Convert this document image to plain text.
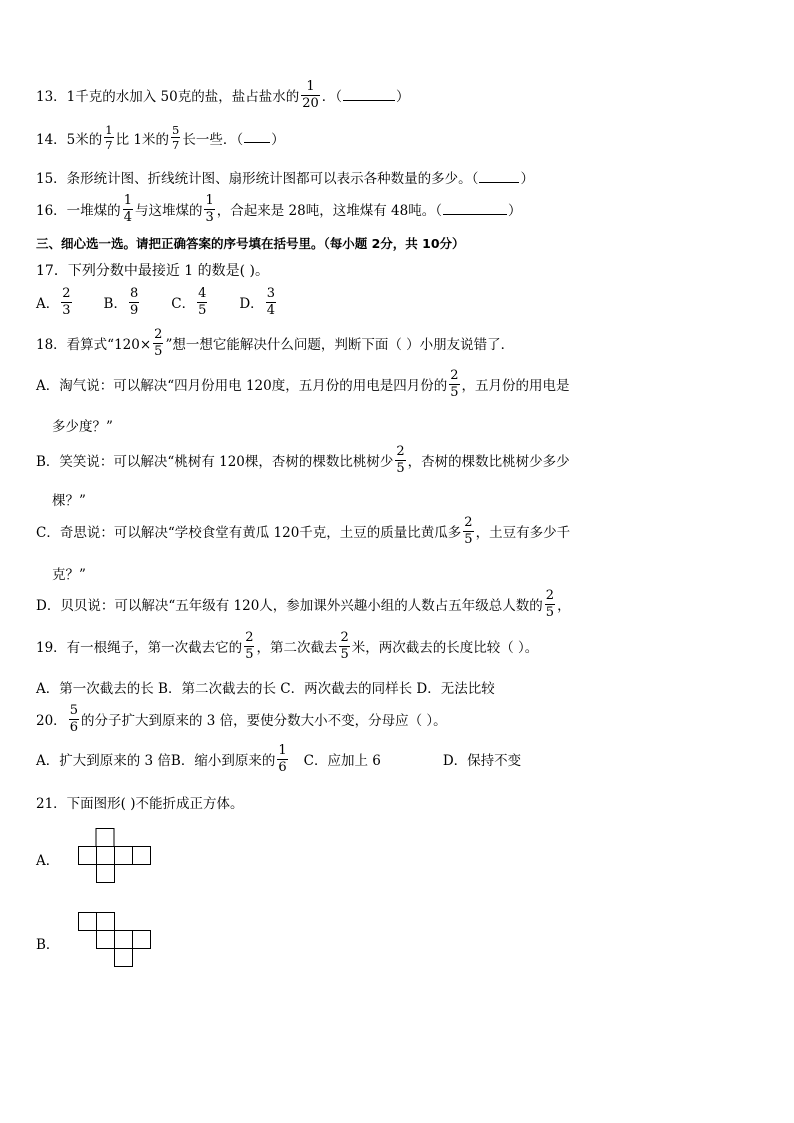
13．1千克的水加入 50克的盐，盐占盐水的 $\frac{1}{20}$ ．（	）
14．5米的 $\frac{1}{7}$ 比 1米的 $\frac{5}{7}$ 长一些．（ ）
15．条形统计图、折线统计图、扇形统计图都可以表示各种数量的多少。（	）
16．一堆煤的 $\frac{1}{4}$ 与这堆煤的 $\frac{1}{3}$ ，合起来是 28吨，这堆煤有 48吨。（	）
三、细心选一选。请把正确答案的序号填在括号里。（每小题 2分，共 10分）
17．下列分数中最接近 1 的数是( )。
A． $\frac{2}{3}$ B． $\frac{8}{9}$ C． $\frac{4}{5}$ D． $\frac{3}{4}$
18．看算式“$120\times \frac{2}{5}$ ”想一想它能解决什么问题，判断下面（ ）小朋友说错了．
A．淘气说：可以解决“四月份用电 120度，五月份的用电是四月份的 $\frac{2}{5}$ ，五月份的用电是
多少度？”
B．笑笑说：可以解决“桃树有 120棵，杏树的棵数比桃树少 $\frac{2}{5}$ ，杏树的棵数比桃树少多少
棵？”
C．奇思说：可以解决“学校食堂有黄瓜 120千克，土豆的质量比黄瓜多 $\frac{2}{5}$ ，土豆有多少千
克？”
D．贝贝说：可以解决“五年级有 120人，参加课外兴趣小组的人数占五年级总人数的 $\frac{2}{5}$ ，
19．有一根绳子，第一次截去它的 $\frac{2}{5}$ ，第二次截去 $\frac{2}{5}$ 米，两次截去的长度比较（ ）。
A．第一次截去的长 B．第二次截去的长 C．两次截去的同样长 D．无法比较
20． $\frac{5}{6}$ 的分子扩大到原来的 3 倍，要使分数大小不变，分母应（ ）。
A．扩大到原来的 3 倍 B．缩小到原来的 $\frac{1}{6}$ C．应加上 6	D．保持不变
21．下面图形( )不能折成正方体。
A．
B．
